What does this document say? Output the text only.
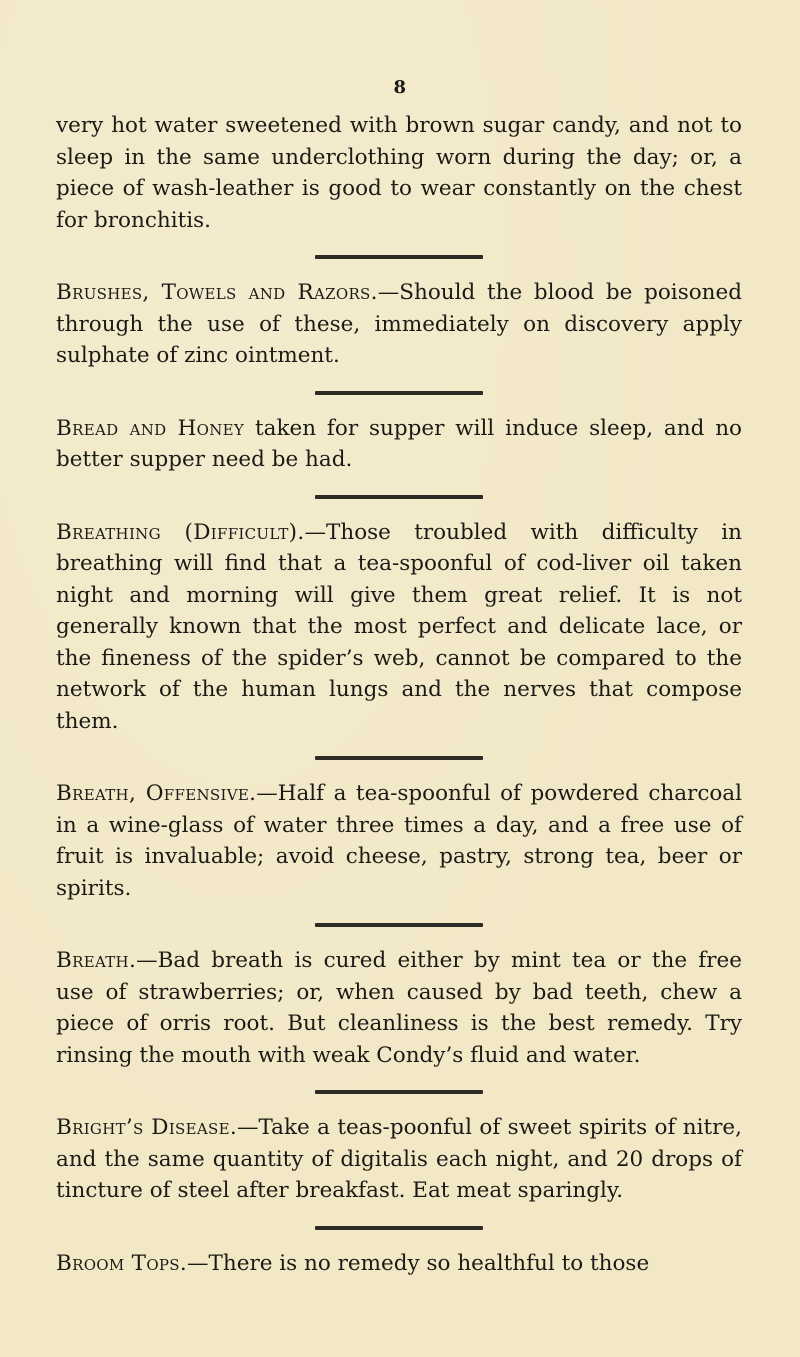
8

very hot water sweetened with brown sugar candy, and not to sleep in the same underclothing worn during the day; or, a piece of wash-leather is good to wear constantly on the chest for bronchitis.

Brushes, Towels and Razors.—Should the blood be poisoned through the use of these, immediately on discovery apply sulphate of zinc ointment.

Bread and Honey taken for supper will induce sleep, and no better supper need be had.

Breathing (Difficult).—Those troubled with difficulty in breathing will find that a tea-spoonful of cod-liver oil taken night and morning will give them great relief. It is not generally known that the most perfect and delicate lace, or the fineness of the spider’s web, cannot be compared to the network of the human lungs and the nerves that compose them.

Breath, Offensive.—Half a tea-spoonful of powdered charcoal in a wine-glass of water three times a day, and a free use of fruit is invaluable; avoid cheese, pastry, strong tea, beer or spirits.

Breath.—Bad breath is cured either by mint tea or the free use of strawberries; or, when caused by bad teeth, chew a piece of orris root. But cleanliness is the best remedy. Try rinsing the mouth with weak Condy’s fluid and water.

Bright’s Disease.—Take a teas-poonful of sweet spirits of nitre, and the same quantity of digitalis each night, and 20 drops of tincture of steel after breakfast. Eat meat sparingly.

Broom Tops.—There is no remedy so healthful to those
